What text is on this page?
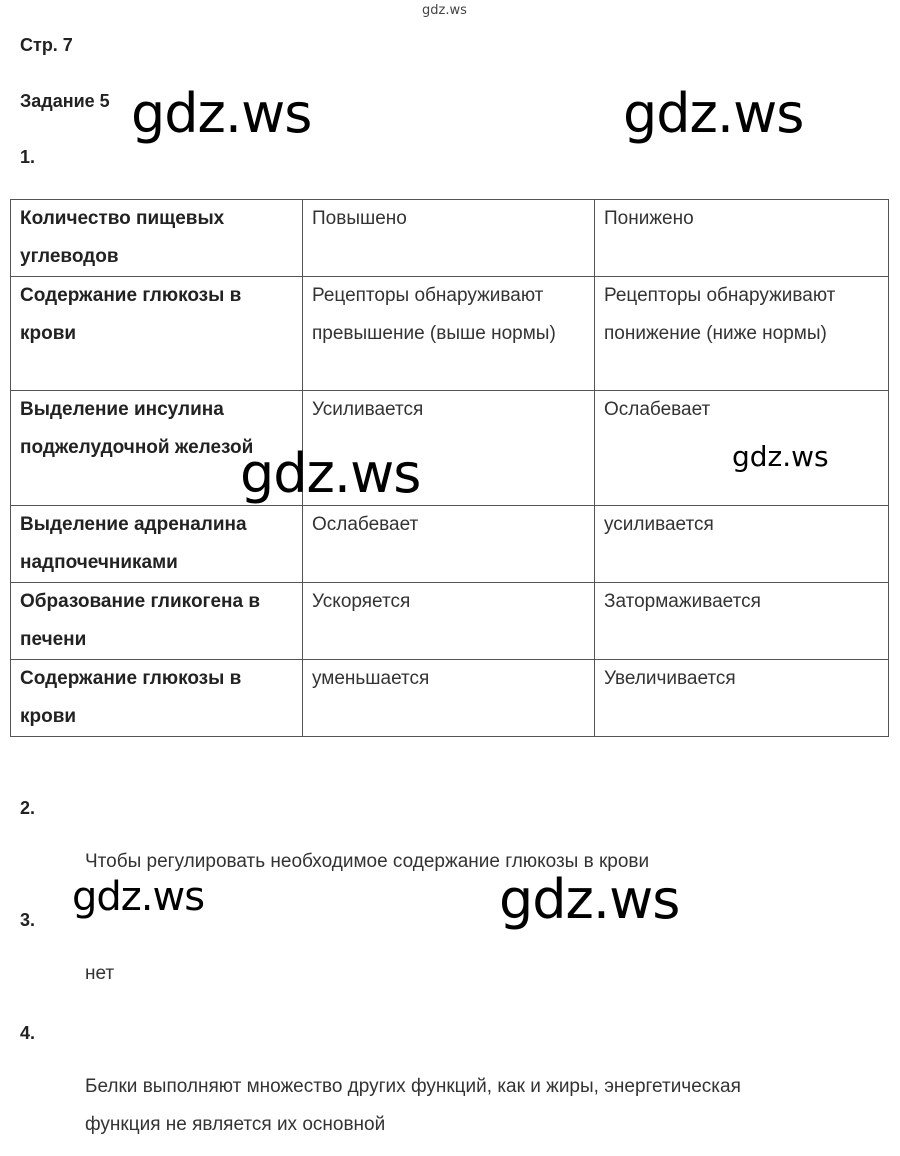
gdz.ws
gdz.ws	gdz.ws
Стр. 7
Задание 5
1.
Количество пищевых углеводов	Повышено	Понижено
Содержание глюкозы в крови	Рецепторы обнаруживают превышение (выше нормы)	Рецепторы обнаруживают понижение (ниже нормы)
Выделение инсулина поджелудочной железой	Усиливается	Ослабевает
Выделение адреналина надпочечниками	Ослабевает	усиливается
Образование гликогена в печени	Ускоряется	Затормаживается
Содержание глюкозы в крови	уменьшается	Увеличивается
gdz.ws	gdz.ws
2.
Чтобы регулировать необходимое содержание глюкозы в крови
gdz.ws	gdz.ws
3.
нет
4.
Белки выполняют множество других функций, как и жиры, энергетическая
функция не является их основной
